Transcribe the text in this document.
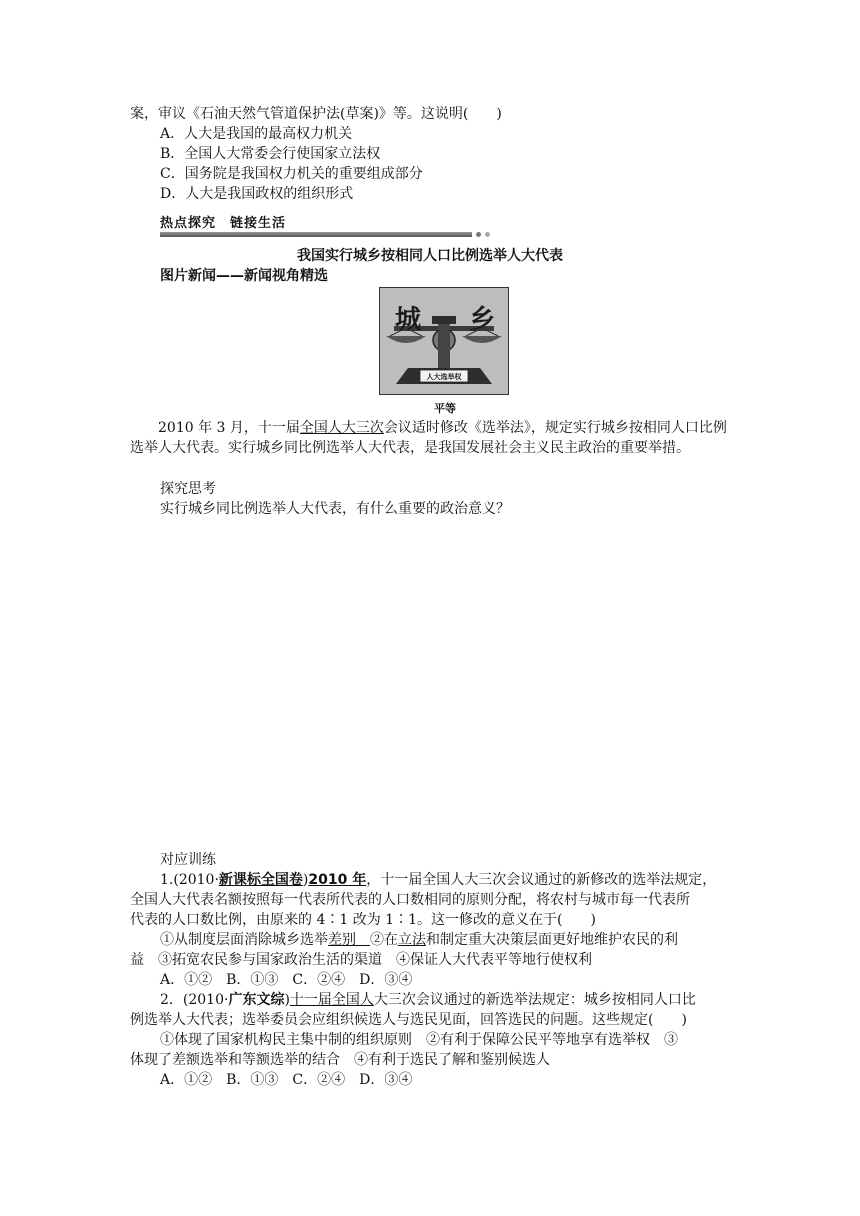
案，审议《石油天然气管道保护法(草案)》等。这说明(　　)
A．人大是我国的最高权力机关
B．全国人大常委会行使国家立法权
C．国务院是我国权力机关的重要组成部分
D．人大是我国政权的组织形式
热点探究　链接生活
我国实行城乡按相同人口比例选举人大代表
图片新闻——新闻视角精选
人大选举权
城 乡
平等
　　2010 年 3 月，十一届全国人大三次会议适时修改《选举法》，规定实行城乡按相同人口比例选举人大代表。实行城乡同比例选举人大代表，是我国发展社会主义民主政治的重要举措。
探究思考
实行城乡同比例选举人大代表，有什么重要的政治意义？
对应训练
1.(2010·新课标全国卷)2010 年，十一届全国人大三次会议通过的新修改的选举法规定，
全国人大代表名额按照每一代表所代表的人口数相同的原则分配，将农村与城市每一代表所
代表的人口数比例，由原来的 4∶1 改为 1∶1。这一修改的意义在于(　　)
①从制度层面消除城乡选举差别　②在立法和制定重大决策层面更好地维护农民的利
益　③拓宽农民参与国家政治生活的渠道　④保证人大代表平等地行使权利
A．①②　B．①③　C．②④　D．③④
2．(2010·广东文综)十一届全国人大三次会议通过的新选举法规定：城乡按相同人口比
例选举人大代表；选举委员会应组织候选人与选民见面，回答选民的问题。这些规定(　　)
①体现了国家机构民主集中制的组织原则　②有利于保障公民平等地享有选举权　③
体现了差额选举和等额选举的结合　④有利于选民了解和鉴别候选人
A．①②　B．①③　C．②④　D．③④
